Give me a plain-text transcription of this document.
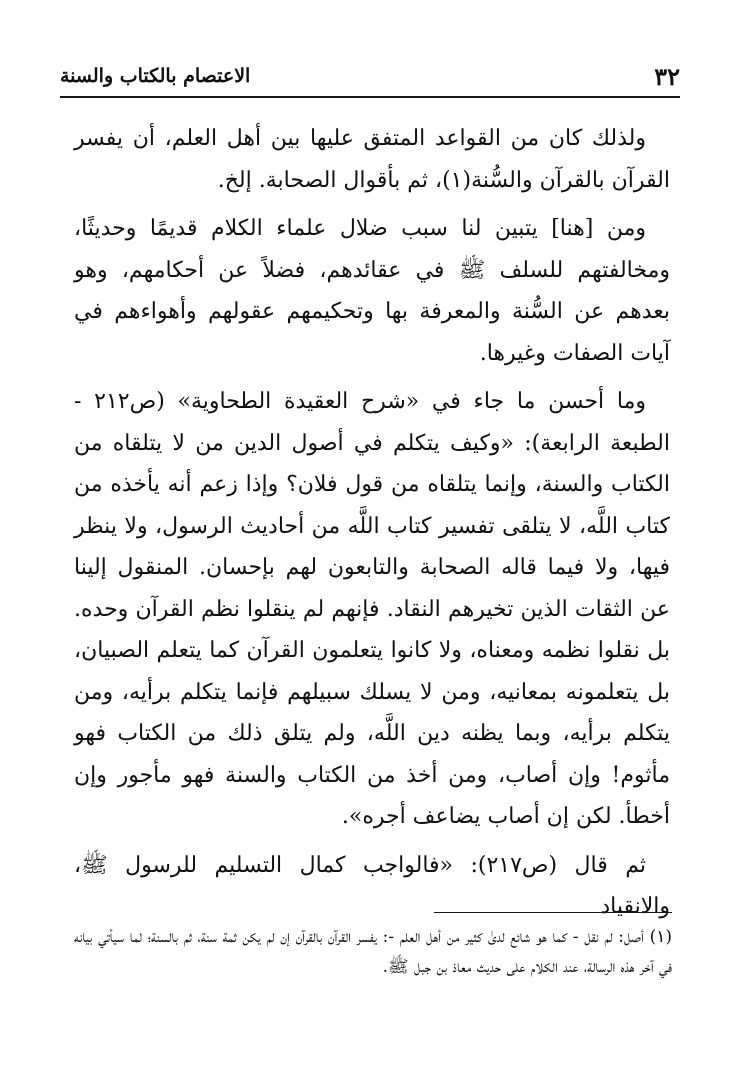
٣٢
الاعتصام بالكتاب والسنة

ولذلك كان من القواعد المتفق عليها بين أهل العلم، أن يفسر القرآن بالقرآن والسُّنة(١)، ثم بأقوال الصحابة. إلخ.

ومن [هنا] يتبين لنا سبب ضلال علماء الكلام قديمًا وحديثًا، ومخالفتهم للسلف ﷺ في عقائدهم، فضلاً عن أحكامهم، وهو بعدهم عن السُّنة والمعرفة بها وتحكيمهم عقولهم وأهواءهم في آيات الصفات وغيرها.

وما أحسن ما جاء في «شرح العقيدة الطحاوية» (ص٢١٢ - الطبعة الرابعة): «وكيف يتكلم في أصول الدين من لا يتلقاه من الكتاب والسنة، وإنما يتلقاه من قول فلان؟ وإذا زعم أنه يأخذه من كتاب اللَّه، لا يتلقى تفسير كتاب اللَّه من أحاديث الرسول، ولا ينظر فيها، ولا فيما قاله الصحابة والتابعون لهم بإحسان. المنقول إلينا عن الثقات الذين تخيرهم النقاد. فإنهم لم ينقلوا نظم القرآن وحده. بل نقلوا نظمه ومعناه، ولا كانوا يتعلمون القرآن كما يتعلم الصبيان، بل يتعلمونه بمعانيه، ومن لا يسلك سبيلهم فإنما يتكلم برأيه، ومن يتكلم برأيه، وبما يظنه دين اللَّه، ولم يتلق ذلك من الكتاب فهو مأثوم! وإن أصاب، ومن أخذ من الكتاب والسنة فهو مأجور وإن أخطأ. لكن إن أصاب يضاعف أجره».

ثم قال (ص٢١٧): «فالواجب كمال التسليم للرسول ﷺ، والانقياد

(١) أصل: لم نقل - كما هو شائع لدىٰ كثير من أهل العلم -: يفسر القرآن بالقرآن إن لم يكن ثمة سنة، ثم بالسنة؛ لما سيأتي بيانه في آخر هذه الرسالة، عند الكلام على حديث معاذ بن جبل ﷺ.
